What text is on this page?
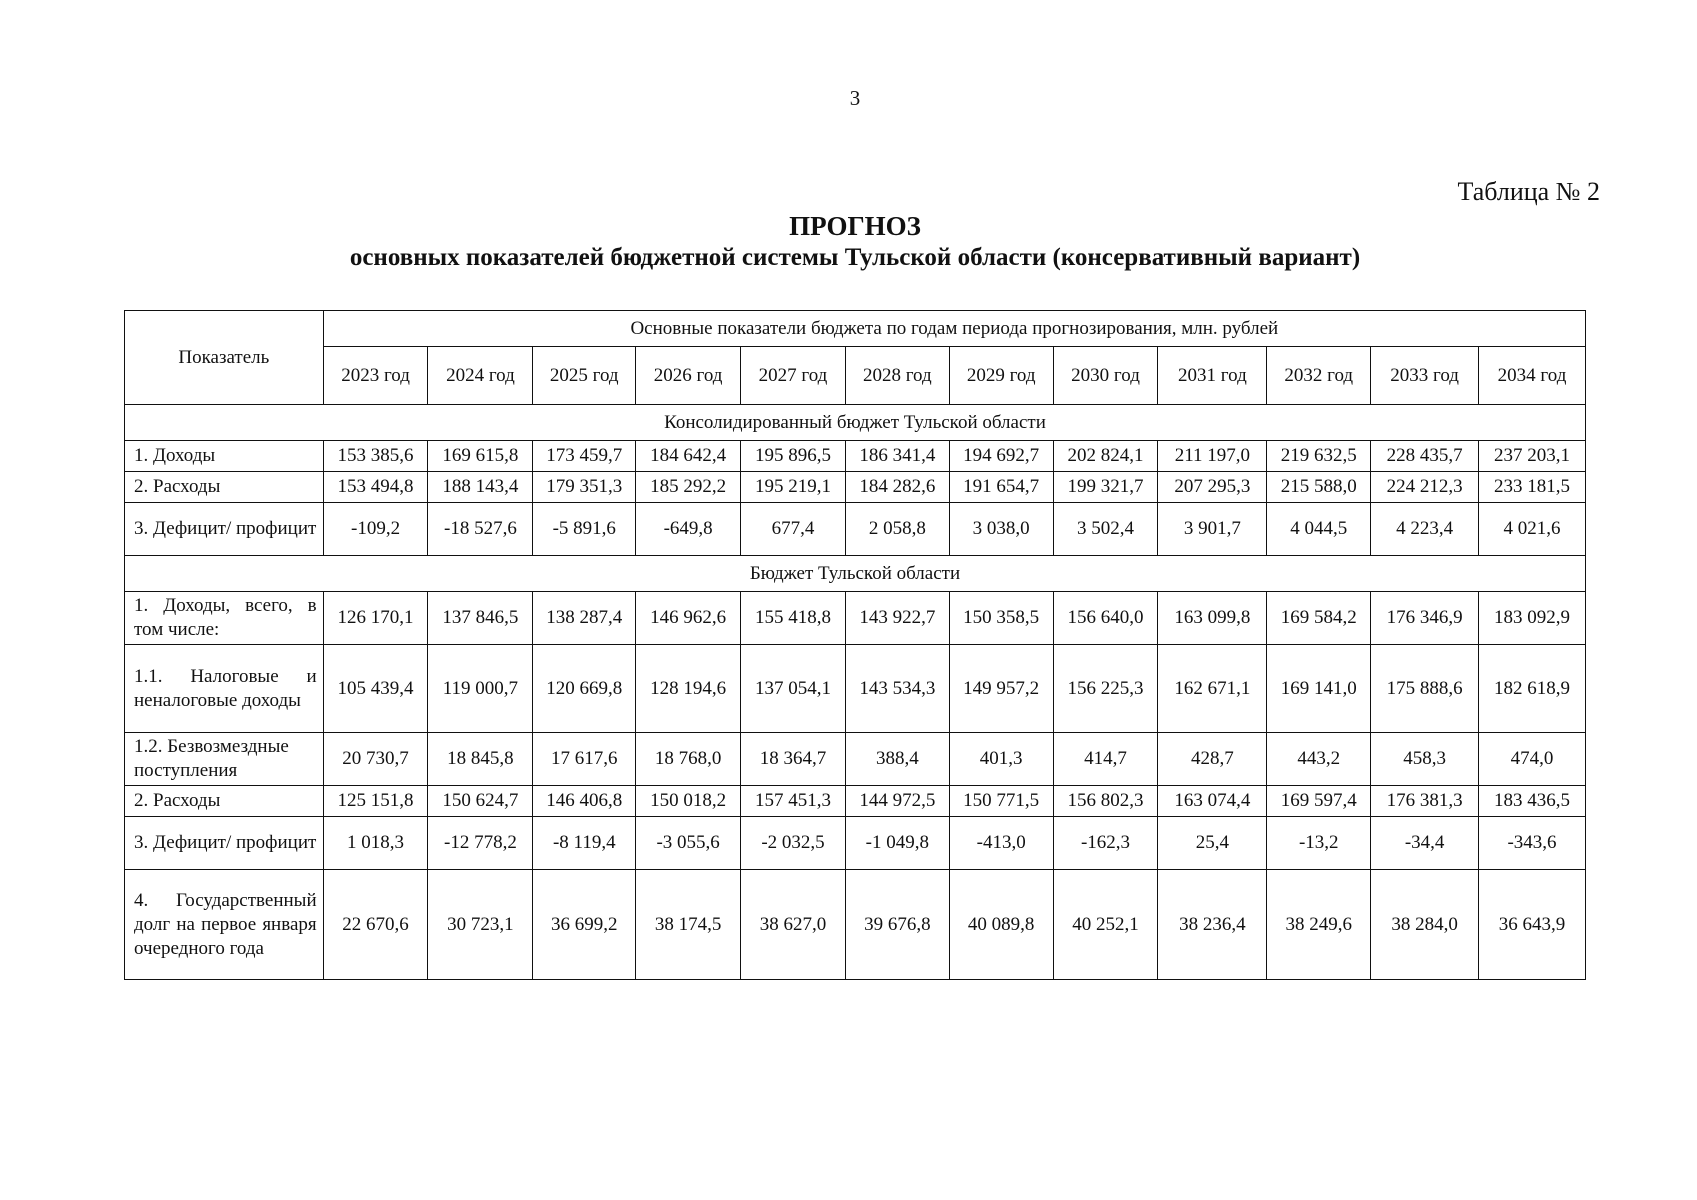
3
Таблица № 2
ПРОГНОЗ
основных показателей бюджетной системы Тульской области (консервативный вариант)
Показатель	Основные показатели бюджета по годам периода прогнозирования, млн. рублей											
	2023 год	2024 год	2025 год	2026 год	2027 год	2028 год	2029 год	2030 год	2031 год	2032 год	2033 год	2034 год
Консолидированный бюджет Тульской области												
1. Доходы	153 385,6	169 615,8	173 459,7	184 642,4	195 896,5	186 341,4	194 692,7	202 824,1	211 197,0	219 632,5	228 435,7	237 203,1
2. Расходы	153 494,8	188 143,4	179 351,3	185 292,2	195 219,1	184 282,6	191 654,7	199 321,7	207 295,3	215 588,0	224 212,3	233 181,5
3. Дефицит/ профицит	-109,2	-18 527,6	-5 891,6	-649,8	677,4	2 058,8	3 038,0	3 502,4	3 901,7	4 044,5	4 223,4	4 021,6
Бюджет Тульской области												
1. Доходы, всего, в том числе:	126 170,1	137 846,5	138 287,4	146 962,6	155 418,8	143 922,7	150 358,5	156 640,0	163 099,8	169 584,2	176 346,9	183 092,9
1.1. Налоговые и неналоговые доходы	105 439,4	119 000,7	120 669,8	128 194,6	137 054,1	143 534,3	149 957,2	156 225,3	162 671,1	169 141,0	175 888,6	182 618,9
1.2. Безвозмездные поступления	20 730,7	18 845,8	17 617,6	18 768,0	18 364,7	388,4	401,3	414,7	428,7	443,2	458,3	474,0
2. Расходы	125 151,8	150 624,7	146 406,8	150 018,2	157 451,3	144 972,5	150 771,5	156 802,3	163 074,4	169 597,4	176 381,3	183 436,5
3. Дефицит/ профицит	1 018,3	-12 778,2	-8 119,4	-3 055,6	-2 032,5	-1 049,8	-413,0	-162,3	25,4	-13,2	-34,4	-343,6
4. Государственный долг на первое января очередного года	22 670,6	30 723,1	36 699,2	38 174,5	38 627,0	39 676,8	40 089,8	40 252,1	38 236,4	38 249,6	38 284,0	36 643,9
